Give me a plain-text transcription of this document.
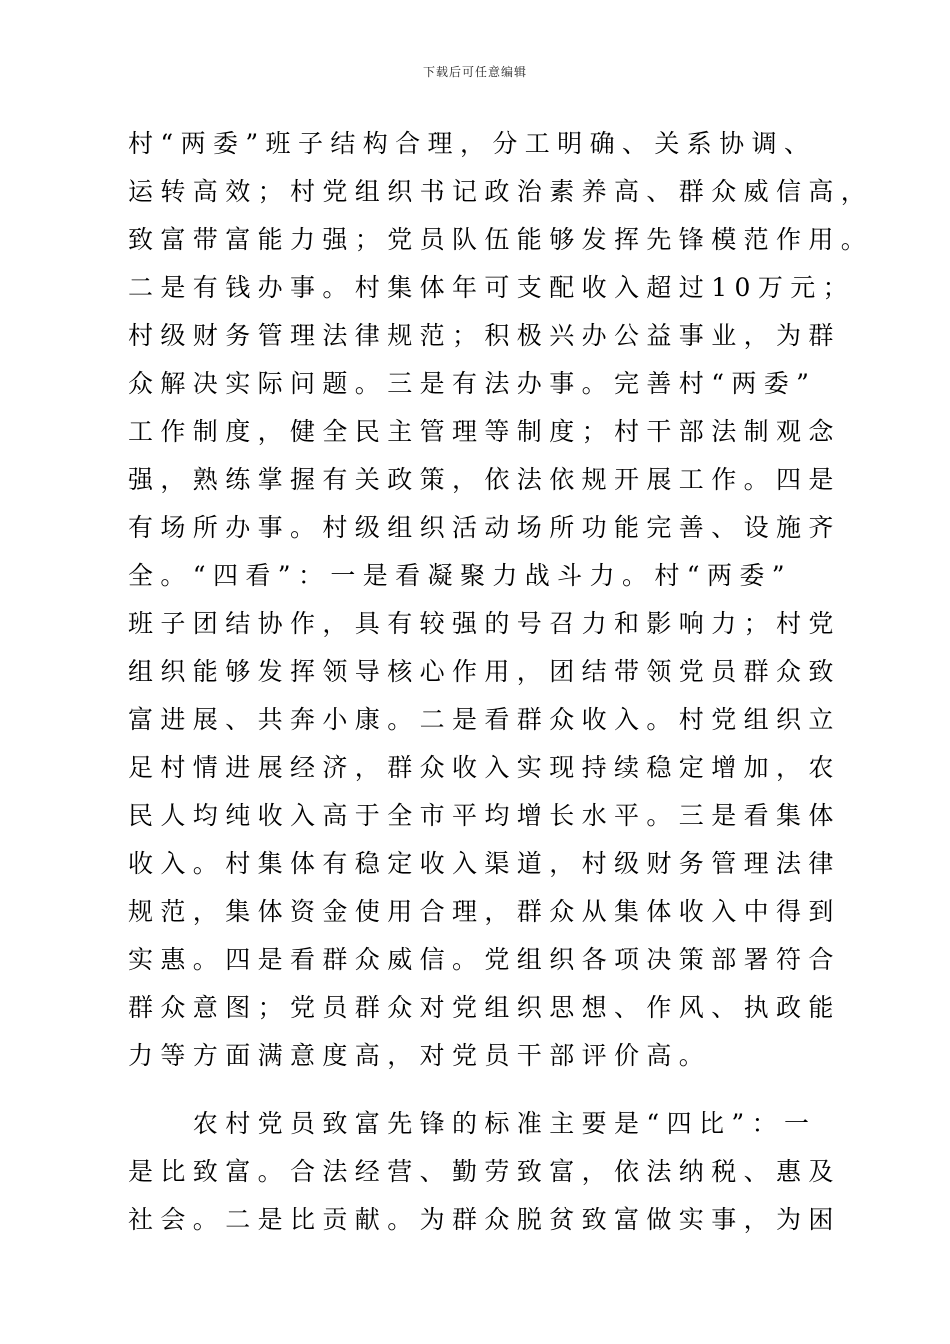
下载后可任意编辑
村“两委”班子结构合理，分工明确、关系协调、
运转高效；村党组织书记政治素养高、群众威信高，
致富带富能力强；党员队伍能够发挥先锋模范作用。
二是有钱办事。村集体年可支配收入超过10万元；
村级财务管理法律规范；积极兴办公益事业，为群
众解决实际问题。三是有法办事。完善村“两委”
工作制度，健全民主管理等制度；村干部法制观念
强，熟练掌握有关政策，依法依规开展工作。四是
有场所办事。村级组织活动场所功能完善、设施齐
全。“四看”：一是看凝聚力战斗力。村“两委”
班子团结协作，具有较强的号召力和影响力；村党
组织能够发挥领导核心作用，团结带领党员群众致
富进展、共奔小康。二是看群众收入。村党组织立
足村情进展经济，群众收入实现持续稳定增加，农
民人均纯收入高于全市平均增长水平。三是看集体
收入。村集体有稳定收入渠道，村级财务管理法律
规范，集体资金使用合理，群众从集体收入中得到
实惠。四是看群众威信。党组织各项决策部署符合
群众意图；党员群众对党组织思想、作风、执政能
力等方面满意度高，对党员干部评价高。
　　农村党员致富先锋的标准主要是“四比”：一
是比致富。合法经营、勤劳致富，依法纳税、惠及
社会。二是比贡献。为群众脱贫致富做实事，为困
